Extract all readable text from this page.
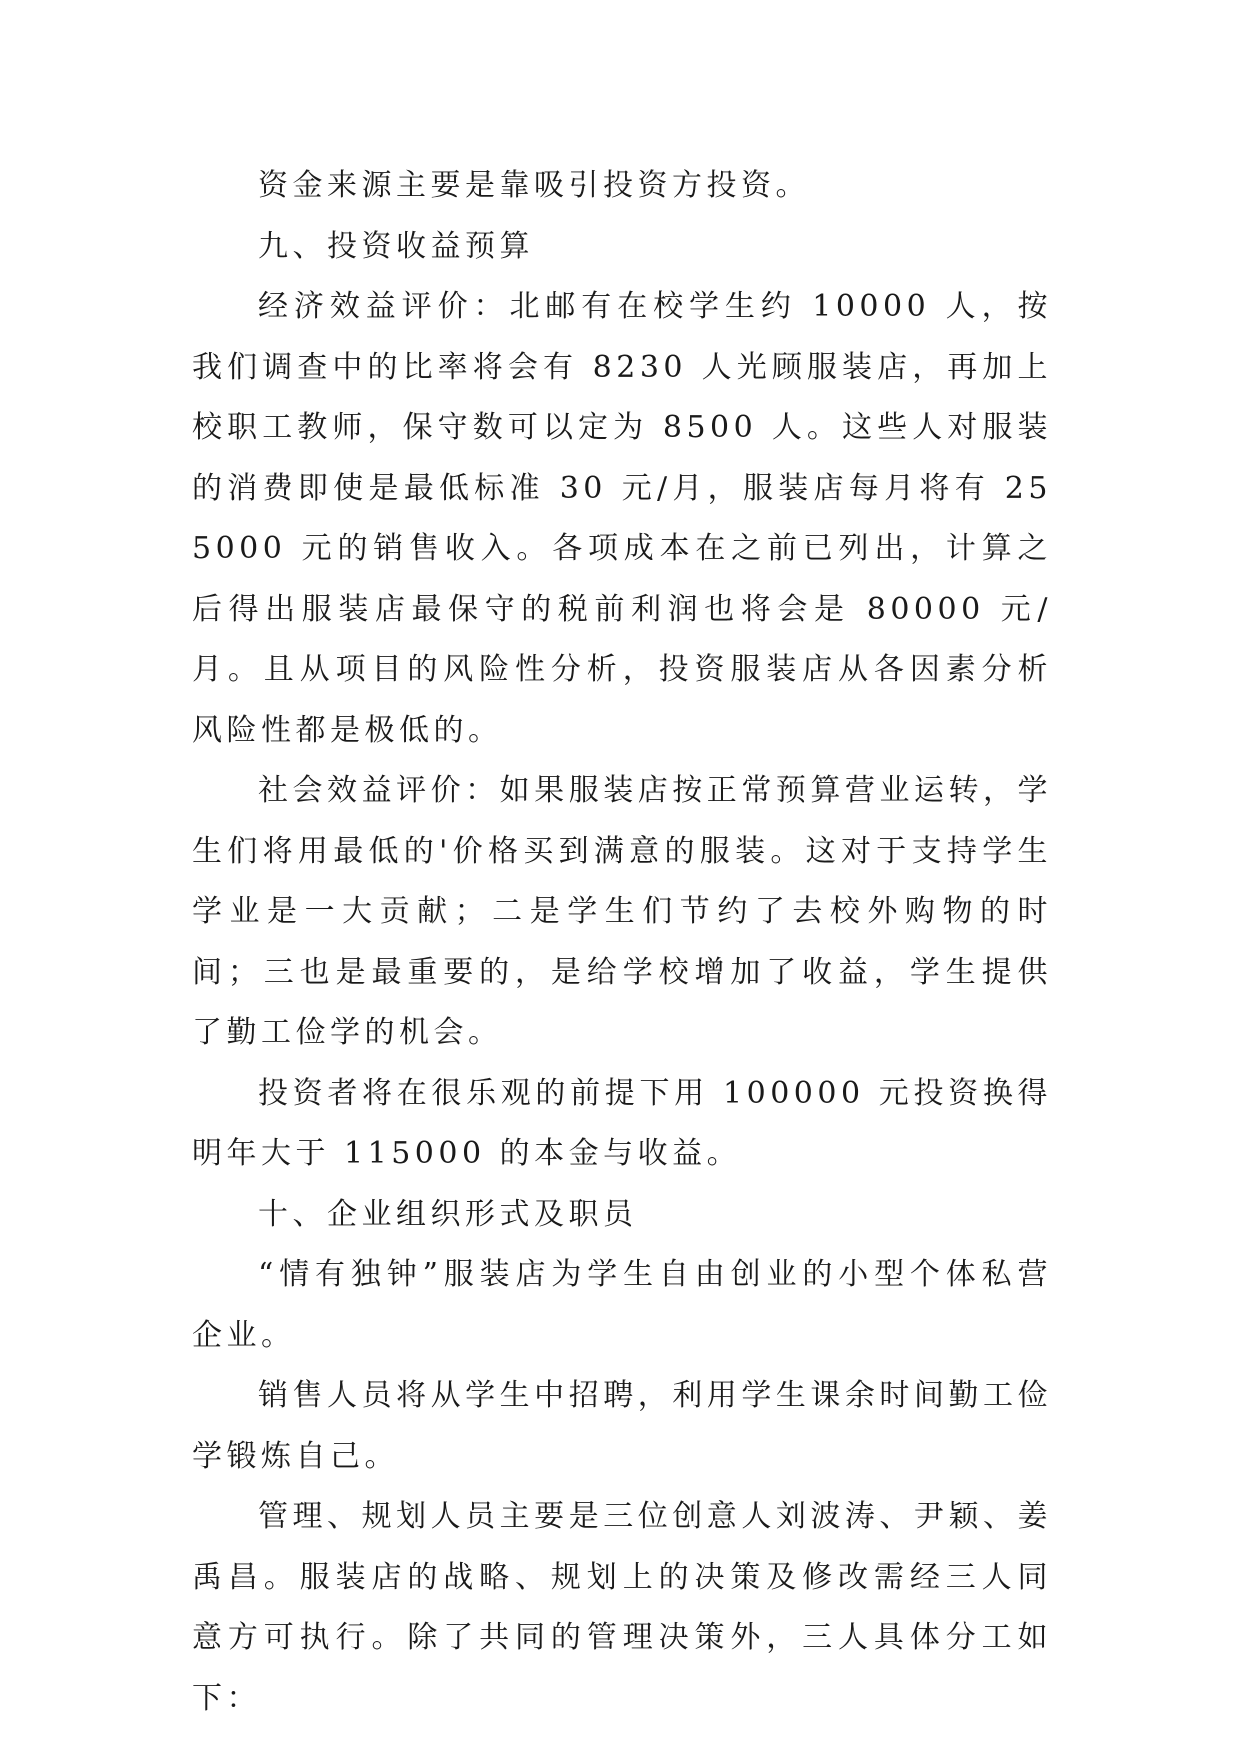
资金来源主要是靠吸引投资方投资。

九、投资收益预算

经济效益评价：北邮有在校学生约 10000 人，按我们调查中的比率将会有 8230 人光顾服装店，再加上校职工教师，保守数可以定为 8500 人。这些人对服装的消费即使是最低标准 30 元/月，服装店每月将有 255000 元的销售收入。各项成本在之前已列出，计算之后得出服装店最保守的税前利润也将会是 80000 元/月。且从项目的风险性分析，投资服装店从各因素分析风险性都是极低的。

社会效益评价：如果服装店按正常预算营业运转，学生们将用最低的'价格买到满意的服装。这对于支持学生学业是一大贡献；二是学生们节约了去校外购物的时间；三也是最重要的，是给学校增加了收益，学生提供了勤工俭学的机会。

投资者将在很乐观的前提下用 100000 元投资换得明年大于 115000 的本金与收益。

十、企业组织形式及职员

“情有独钟”服装店为学生自由创业的小型个体私营企业。

销售人员将从学生中招聘，利用学生课余时间勤工俭学锻炼自己。

管理、规划人员主要是三位创意人刘波涛、尹颖、姜禹昌。服装店的战略、规划上的决策及修改需经三人同意方可执行。除了共同的管理决策外，三人具体分工如下：
